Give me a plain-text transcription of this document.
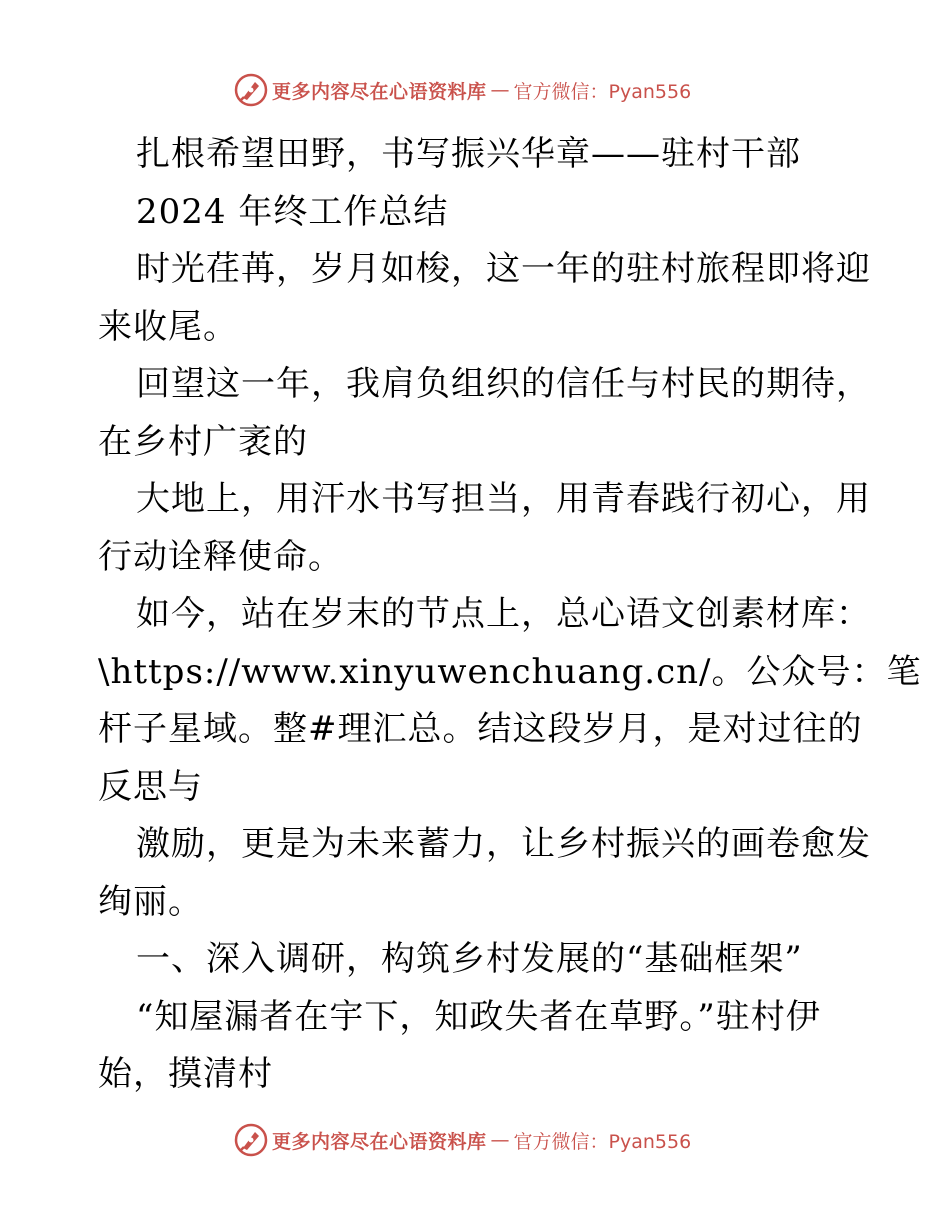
更多内容尽在心语资料库 — 官方微信：Pyan556
扎根希望田野，书写振兴华章——驻村干部
2024 年终工作总结
时光荏苒，岁月如梭，这一年的驻村旅程即将迎
来收尾。
回望这一年，我肩负组织的信任与村民的期待，
在乡村广袤的
大地上，用汗水书写担当，用青春践行初心，用
行动诠释使命。
如今，站在岁末的节点上，总心语文创素材库：
\https://www.xinyuwenchuang.cn/。公众号：笔
杆子星域。整#理汇总。结这段岁月，是对过往的
反思与
激励，更是为未来蓄力，让乡村振兴的画卷愈发
绚丽。
一、深入调研，构筑乡村发展的“基础框架”
“知屋漏者在宇下，知政失者在草野。”驻村伊
始，摸清村
更多内容尽在心语资料库 — 官方微信：Pyan556
